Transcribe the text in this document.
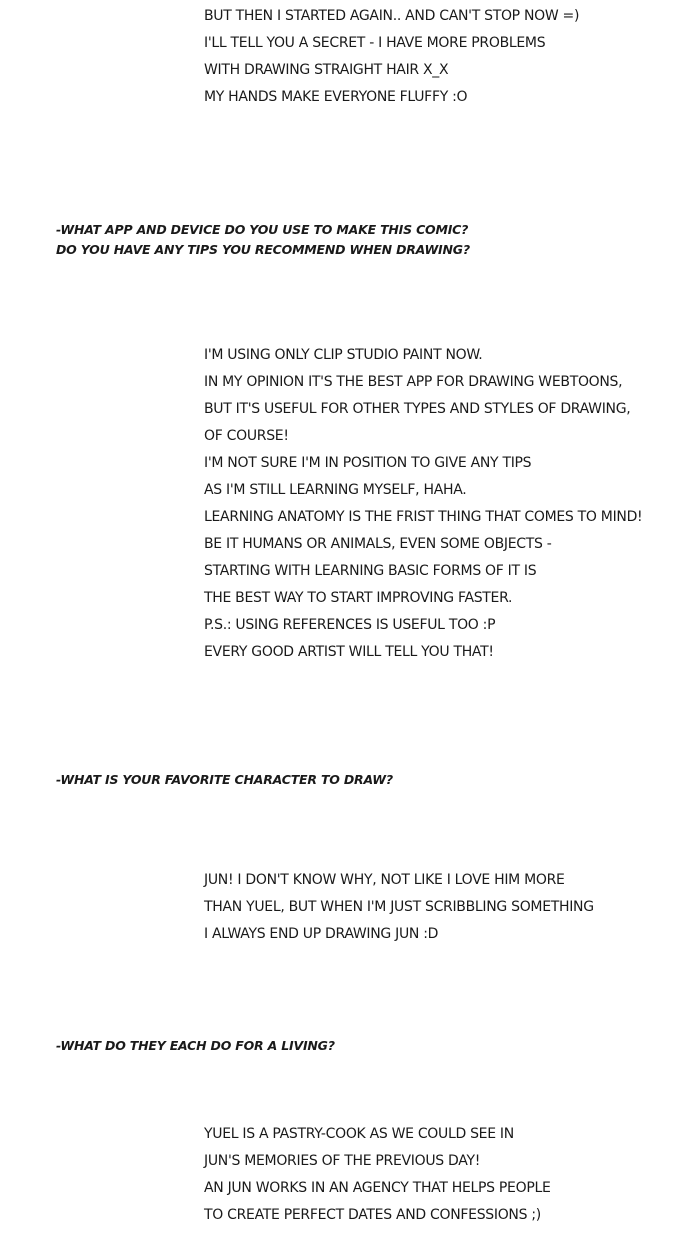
BUT THEN I STARTED AGAIN.. AND CAN'T STOP NOW =)
I'LL TELL YOU A SECRET - I HAVE MORE PROBLEMS
WITH DRAWING STRAIGHT HAIR X_X
MY HANDS MAKE EVERYONE FLUFFY :O
-WHAT APP AND DEVICE DO YOU USE TO MAKE THIS COMIC?
DO YOU HAVE ANY TIPS YOU RECOMMEND WHEN DRAWING?
I'M USING ONLY CLIP STUDIO PAINT NOW.
IN MY OPINION IT'S THE BEST APP FOR DRAWING WEBTOONS,
BUT IT'S USEFUL FOR OTHER TYPES AND STYLES OF DRAWING,
OF COURSE!
I'M NOT SURE I'M IN POSITION TO GIVE ANY TIPS
AS I'M STILL LEARNING MYSELF, HAHA.
LEARNING ANATOMY IS THE FRIST THING THAT COMES TO MIND!
BE IT HUMANS OR ANIMALS, EVEN SOME OBJECTS -
STARTING WITH LEARNING BASIC FORMS OF IT IS
THE BEST WAY TO START IMPROVING FASTER.
P.S.: USING REFERENCES IS USEFUL TOO :P
EVERY GOOD ARTIST WILL TELL YOU THAT!
-WHAT IS YOUR FAVORITE CHARACTER TO DRAW?
JUN! I DON'T KNOW WHY, NOT LIKE I LOVE HIM MORE
THAN YUEL, BUT WHEN I'M JUST SCRIBBLING SOMETHING
I ALWAYS END UP DRAWING JUN :D
-WHAT DO THEY EACH DO FOR A LIVING?
YUEL IS A PASTRY-COOK AS WE COULD SEE IN
JUN'S MEMORIES OF THE PREVIOUS DAY!
AN JUN WORKS IN AN AGENCY THAT HELPS PEOPLE
TO CREATE PERFECT DATES AND CONFESSIONS ;)
